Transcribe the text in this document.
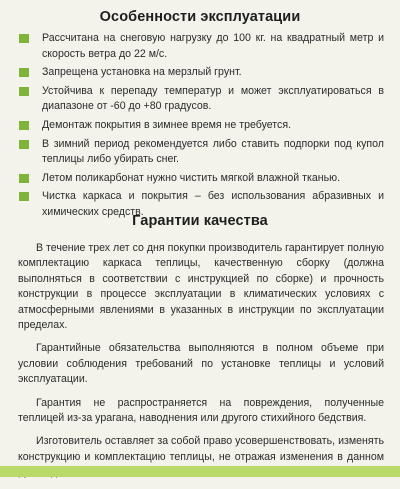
Особенности эксплуатации
Рассчитана на снеговую нагрузку до 100 кг. на квадратный метр и скорость ветра до 22 м/с.
Запрещена установка на мерзлый грунт.
Устойчива к перепаду температур и может эксплуатироваться в диапазоне от -60 до +80 градусов.
Демонтаж покрытия в зимнее время не требуется.
В зимний период рекомендуется либо ставить подпорки под купол теплицы либо убирать снег.
Летом поликарбонат нужно чистить мягкой влажной тканью.
Чистка каркаса и покрытия – без использования абразивных и химических средств.
Гарантии качества

В течение трех лет со дня покупки производитель гарантирует полную комплектацию каркаса теплицы, качественную сборку (должна выполняться в соответствии с инструкцией по сборке) и прочность конструкции в процессе эксплуатации в климатических условиях с атмосферными явлениями в указанных в инструкции по эксплуатации пределах.

Гарантийные обязательства выполняются в полном объеме при условии соблюдения требований по установке теплицы и условий эксплуатации.

Гарантия не распространяется на повреждения, полученные теплицей из-за урагана, наводнения или другого стихийного бедствия.

Изготовитель оставляет за собой право усовершенствовать, изменять конструкцию и комплектацию теплицы, не отражая изменения в данном
